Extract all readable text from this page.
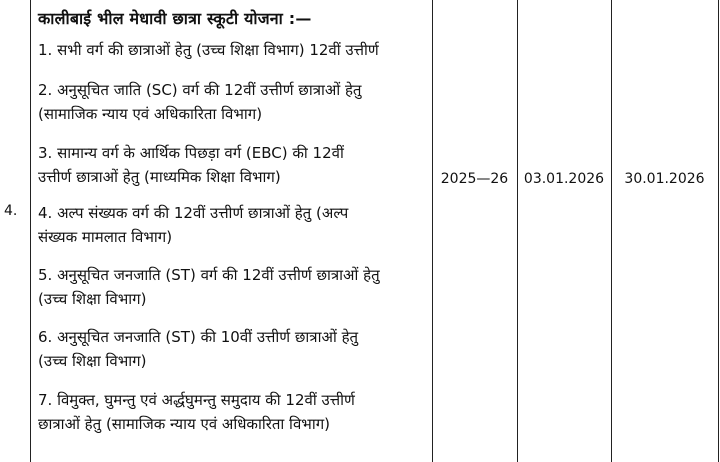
4.
कालीबाई भील मेधावी छात्रा स्कूटी योजना :—
1. सभी वर्ग की छात्राओं हेतु (उच्च शिक्षा विभाग) 12वीं उत्तीर्ण
2. अनुसूचित जाति (SC) वर्ग की 12वीं उत्तीर्ण छात्राओं हेतु
(सामाजिक न्याय एवं अधिकारिता विभाग)
3. सामान्य वर्ग के आर्थिक पिछड़ा वर्ग (EBC) की 12वीं
उत्तीर्ण छात्राओं हेतु (माध्यमिक शिक्षा विभाग)
4. अल्प संख्यक वर्ग की 12वीं उत्तीर्ण छात्राओं हेतु (अल्प
संख्यक मामलात विभाग)
5. अनुसूचित जनजाति (ST) वर्ग की 12वीं उत्तीर्ण छात्राओं हेतु
(उच्च शिक्षा विभाग)
6. अनुसूचित जनजाति (ST) की 10वीं उत्तीर्ण छात्राओं हेतु
(उच्च शिक्षा विभाग)
7. विमुक्त, घुमन्तु एवं अर्द्धघुमन्तु समुदाय की 12वीं उत्तीर्ण
छात्राओं हेतु (सामाजिक न्याय एवं अधिकारिता विभाग)
2025—26	03.01.2026	30.01.2026
